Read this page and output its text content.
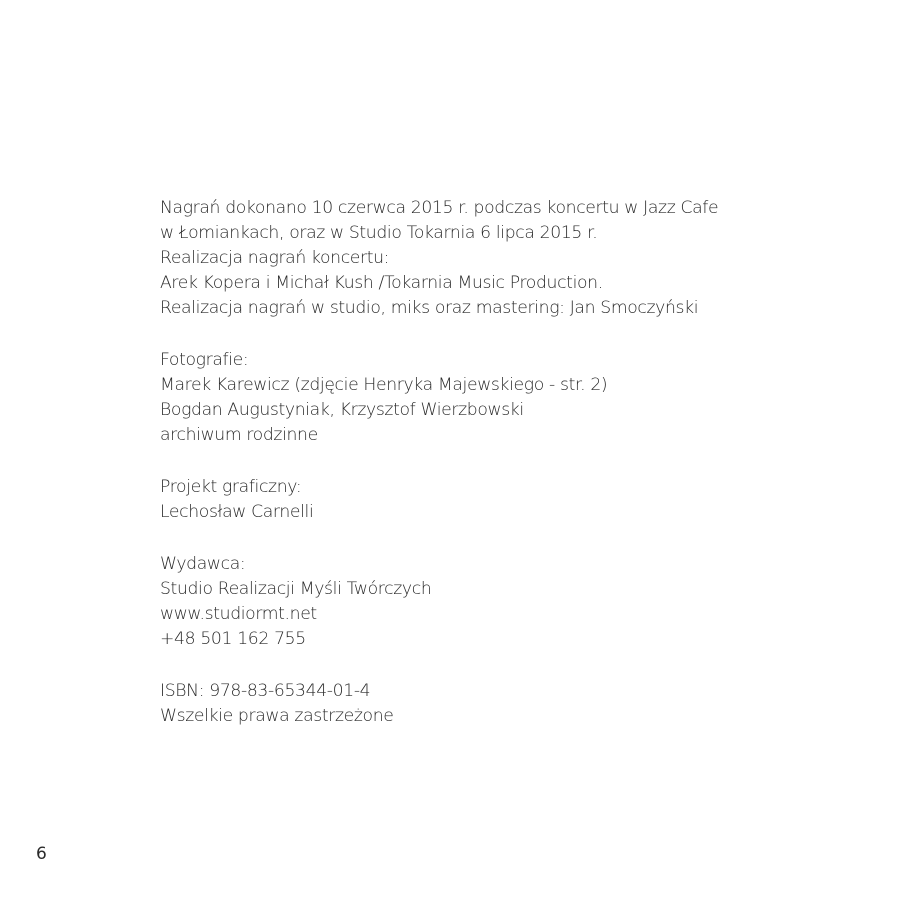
Nagrań dokonano 10 czerwca 2015 r. podczas koncertu w Jazz Cafe
w Łomiankach, oraz w Studio Tokarnia 6 lipca 2015 r.
Realizacja nagrań koncertu:
Arek Kopera i Michał Kush /Tokarnia Music Production.
Realizacja nagrań w studio, miks oraz mastering: Jan Smoczyński
Fotografie:
Marek Karewicz (zdjęcie Henryka Majewskiego - str. 2)
Bogdan Augustyniak, Krzysztof Wierzbowski
archiwum rodzinne
Projekt graficzny:
Lechosław Carnelli
Wydawca:
Studio Realizacji Myśli Twórczych
www.studiormt.net
+48 501 162 755
ISBN: 978-83-65344-01-4
Wszelkie prawa zastrzeżone
6
